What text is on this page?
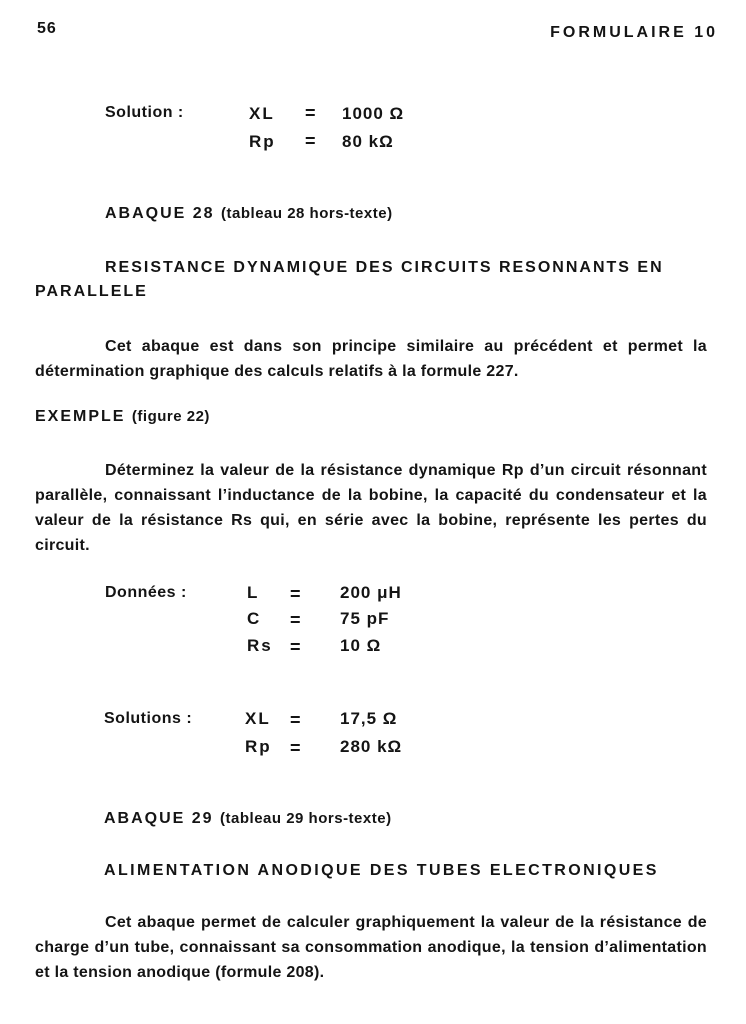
56	FORMULAIRE 10
Solution :	XL = 1000 Ω
Rp = 80 kΩ
ABAQUE 28 (tableau 28 hors-texte)
RESISTANCE DYNAMIQUE DES CIRCUITS RESONNANTS EN
PARALLELE
Cet abaque est dans son principe similaire au précédent et permet la détermination graphique des calculs relatifs à la formule 227.
EXEMPLE (figure 22)
Déterminez la valeur de la résistance dynamique Rp d’un circuit résonnant parallèle, connaissant l’inductance de la bobine, la capacité du condensateur et la valeur de la résistance Rs qui, en série avec la bobine, représente les pertes du circuit.
Données :	L = 200 μH
C = 75 pF
Rs = 10 Ω
Solutions :	XL = 17,5 Ω
Rp = 280 kΩ
ABAQUE 29 (tableau 29 hors-texte)
ALIMENTATION ANODIQUE DES TUBES ELECTRONIQUES
Cet abaque permet de calculer graphiquement la valeur de la résistance de charge d’un tube, connaissant sa consommation anodique, la tension d’alimentation et la tension anodique (formule 208).
